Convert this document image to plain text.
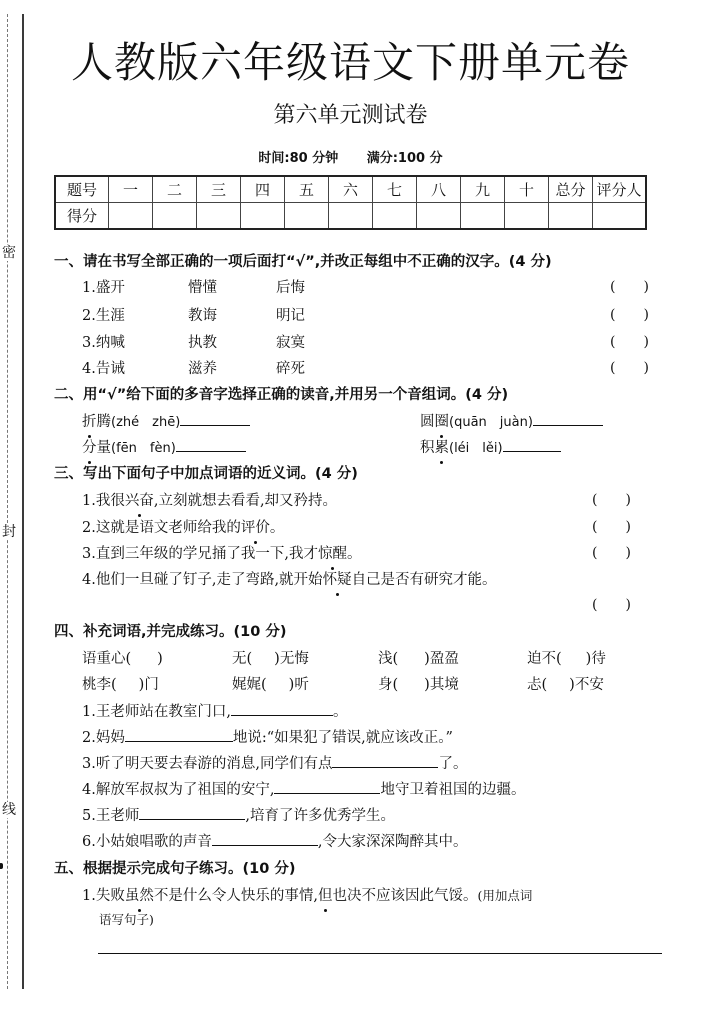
密
封
线
人教版六年级语文下册单元卷
第六单元测试卷
时间:80 分钟 满分:100 分
题号	一	二	三	四	五	六	七	八	九	十	总分	评分人
得分												
一、请在书写全部正确的一项后面打“√”,并改正每组中不正确的汉字。(4 分)
1.盛开	懵懂	后悔	(　　)
2.生涯	教诲	明记	(　　)
3.纳喊	执教	寂寞	(　　)
4.告诫	滋养	碎死	(　　)
二、用“√”给下面的多音字选择正确的读音,并用另一个音组词。(4 分)
折腾(zhé　zhē)	圆圈(quān　juàn)
分量(fēn　fèn)	积累(léi　lěi)
三、写出下面句子中加点词语的近义词。(4 分)
1.我很兴奋,立刻就想去看看,却又矜持。	(　　)
2.这就是语文老师给我的评价。	(　　)
3.直到三年级的学兄捅了我一下,我才惊醒。	(　　)
4.他们一旦碰了钉子,走了弯路,就开始怀疑自己是否有研究才能。
(　　)
四、补充词语,并完成练习。(10 分)
语重心( )	无( )无悔	浅( )盈盈	迫不( )待
桃李( )门	娓娓( )听	身( )其境	忐( )不安
1.王老师站在教室门口,	。
2.妈妈	地说:“如果犯了错误,就应该改正。”
3.听了明天要去春游的消息,同学们有点	了。
4.解放军叔叔为了祖国的安宁,	地守卫着祖国的边疆。
5.王老师	,培育了许多优秀学生。
6.小姑娘唱歌的声音	,令大家深深陶醉其中。
五、根据提示完成句子练习。(10 分)
1.失败虽然不是什么令人快乐的事情,但也决不应该因此气馁。(用加点词
语写句子)
